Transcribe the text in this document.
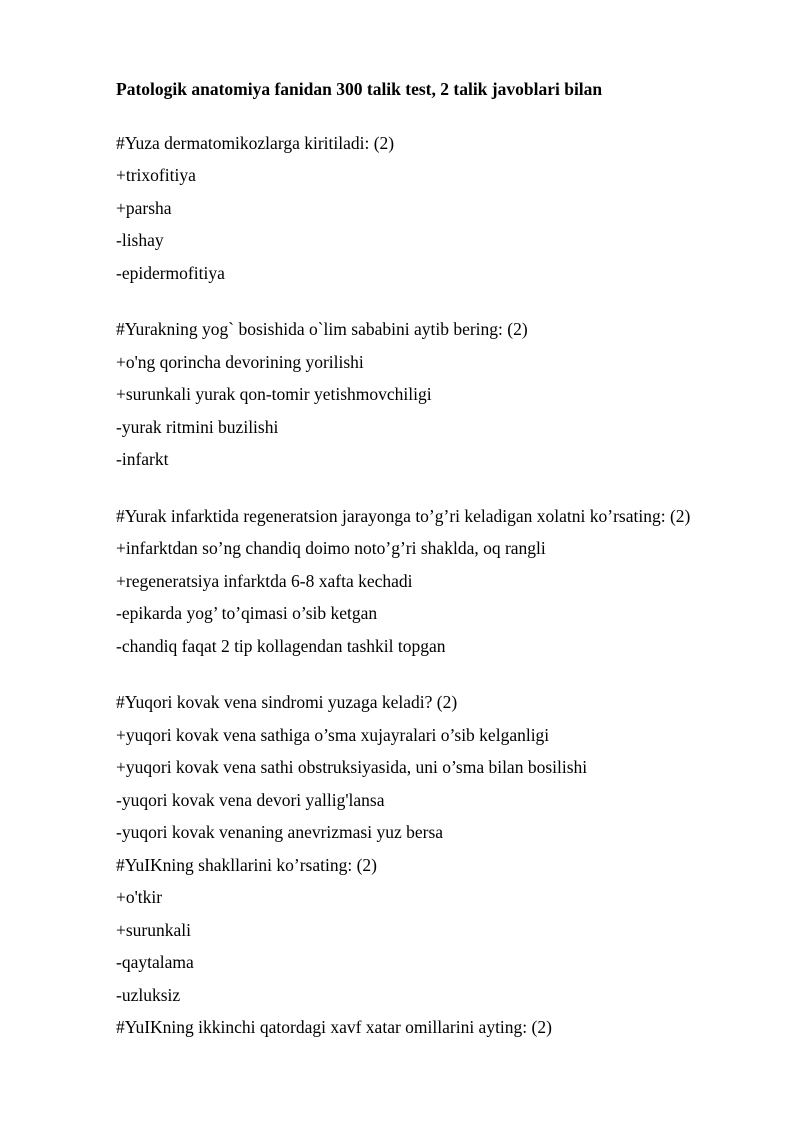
Patologik anatomiya fanidan 300 talik test, 2 talik javoblari bilan
#Yuza dermatomikozlarga kiritiladi: (2)
+trixofitiya
+parsha
-lishay
-epidermofitiya
#Yurakning yog` bosishida o`lim sababini aytib bering: (2)
+o'ng qorincha devorining yorilishi
+surunkali yurak qon-tomir yetishmovchiligi
-yurak ritmini buzilishi
-infarkt
#Yurak infarktida regeneratsion jarayonga to’g’ri keladigan xolatni ko’rsating: (2)
+infarktdan so’ng chandiq doimo noto’g’ri shaklda, oq rangli
+regeneratsiya infarktda 6-8 xafta kechadi
-epikarda yog’ to’qimasi o’sib ketgan
-chandiq faqat 2 tip kollagendan tashkil topgan
#Yuqori kovak vena sindromi yuzaga keladi? (2)
+yuqori kovak vena sathiga o’sma xujayralari o’sib kelganligi
+yuqori kovak vena sathi obstruksiyasida, uni o’sma bilan bosilishi
-yuqori kovak vena devori yallig'lansa
-yuqori kovak venaning anevrizmasi yuz bersa
#YuIKning shakllarini ko’rsating: (2)
+o'tkir
+surunkali
-qaytalama
-uzluksiz
#YuIKning ikkinchi qatordagi xavf xatar omillarini ayting: (2)
